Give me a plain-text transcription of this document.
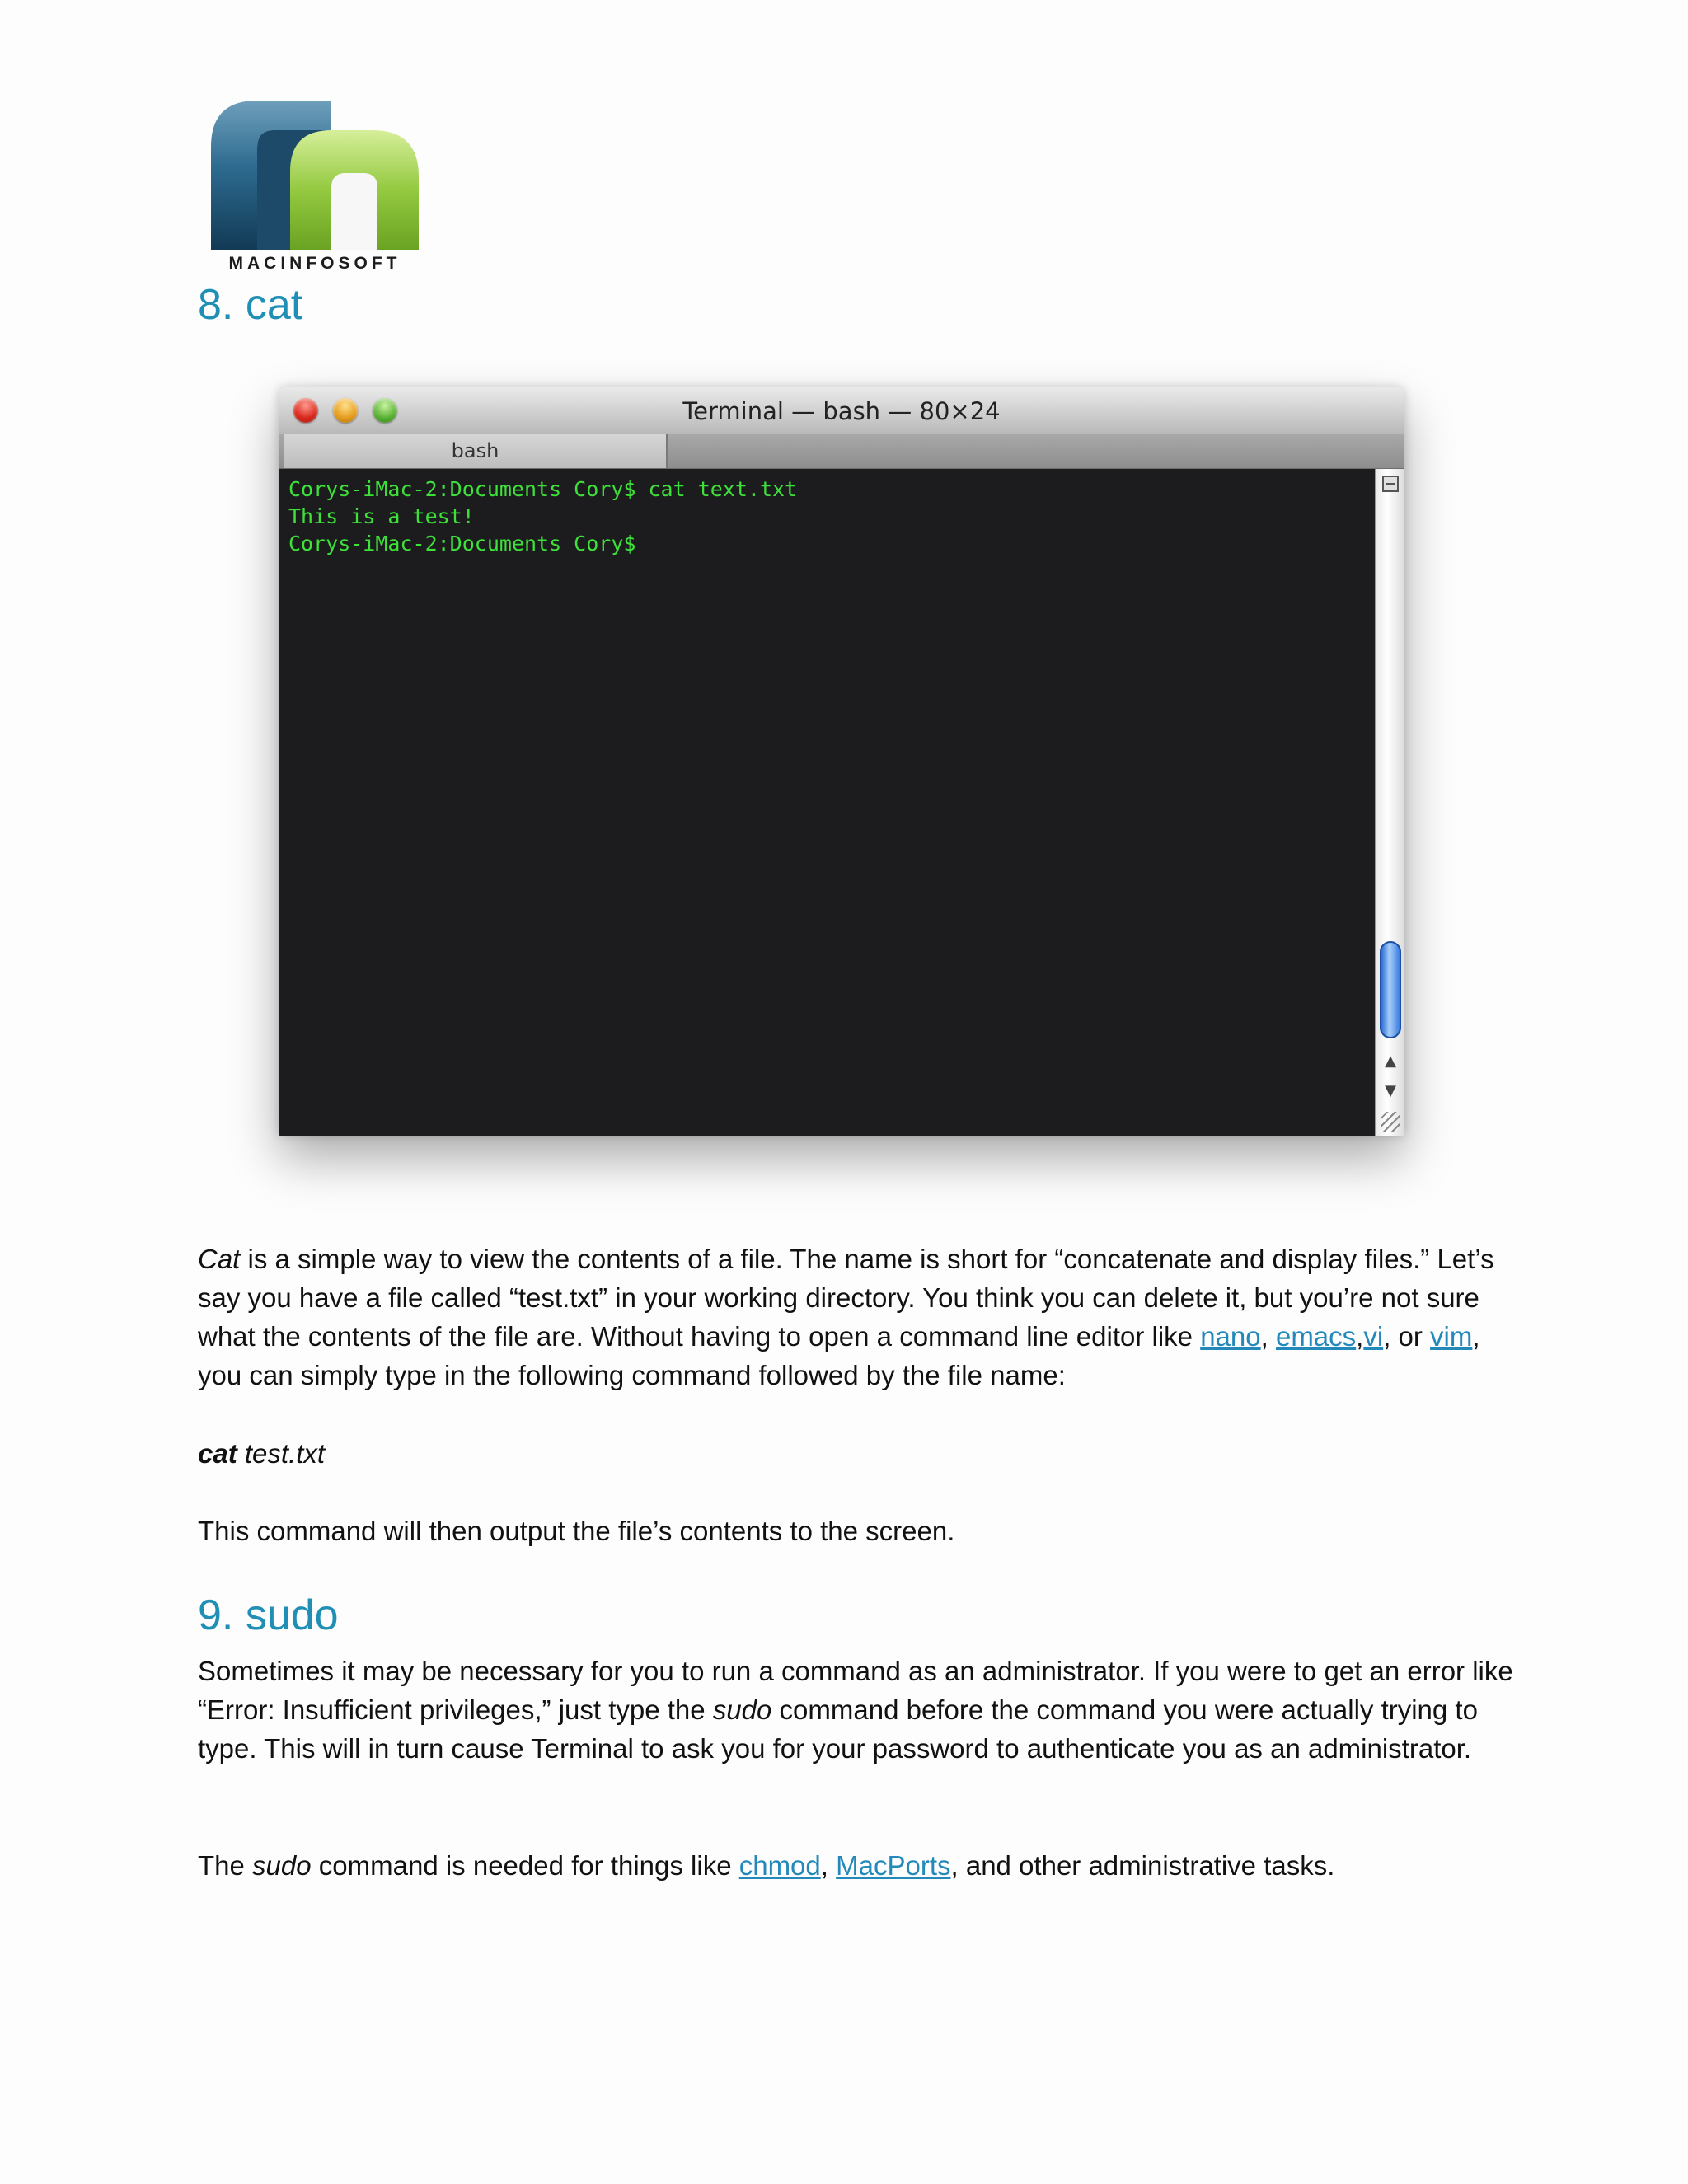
MACINFOSOFT
8. cat
Terminal — bash — 80×24
bash
Corys-iMac-2:Documents Cory$ cat text.txt
This is a test!
Corys-iMac-2:Documents Cory$
▲
▼

Cat is a simple way to view the contents of a file. The name is short for “concatenate and display files.” Let’s say you have a file called “test.txt” in your working directory. You think you can delete it, but you’re not sure what the contents of the file are. Without having to open a command line editor like nano, emacs,vi, or vim, you can simply type in the following command followed by the file name:

cat test.txt

This command will then output the file’s contents to the screen.

9. sudo

Sometimes it may be necessary for you to run a command as an administrator. If you were to get an error like “Error: Insufficient privileges,” just type the sudo command before the command you were actually trying to type. This will in turn cause Terminal to ask you for your password to authenticate you as an administrator.

The sudo command is needed for things like chmod, MacPorts, and other administrative tasks.
